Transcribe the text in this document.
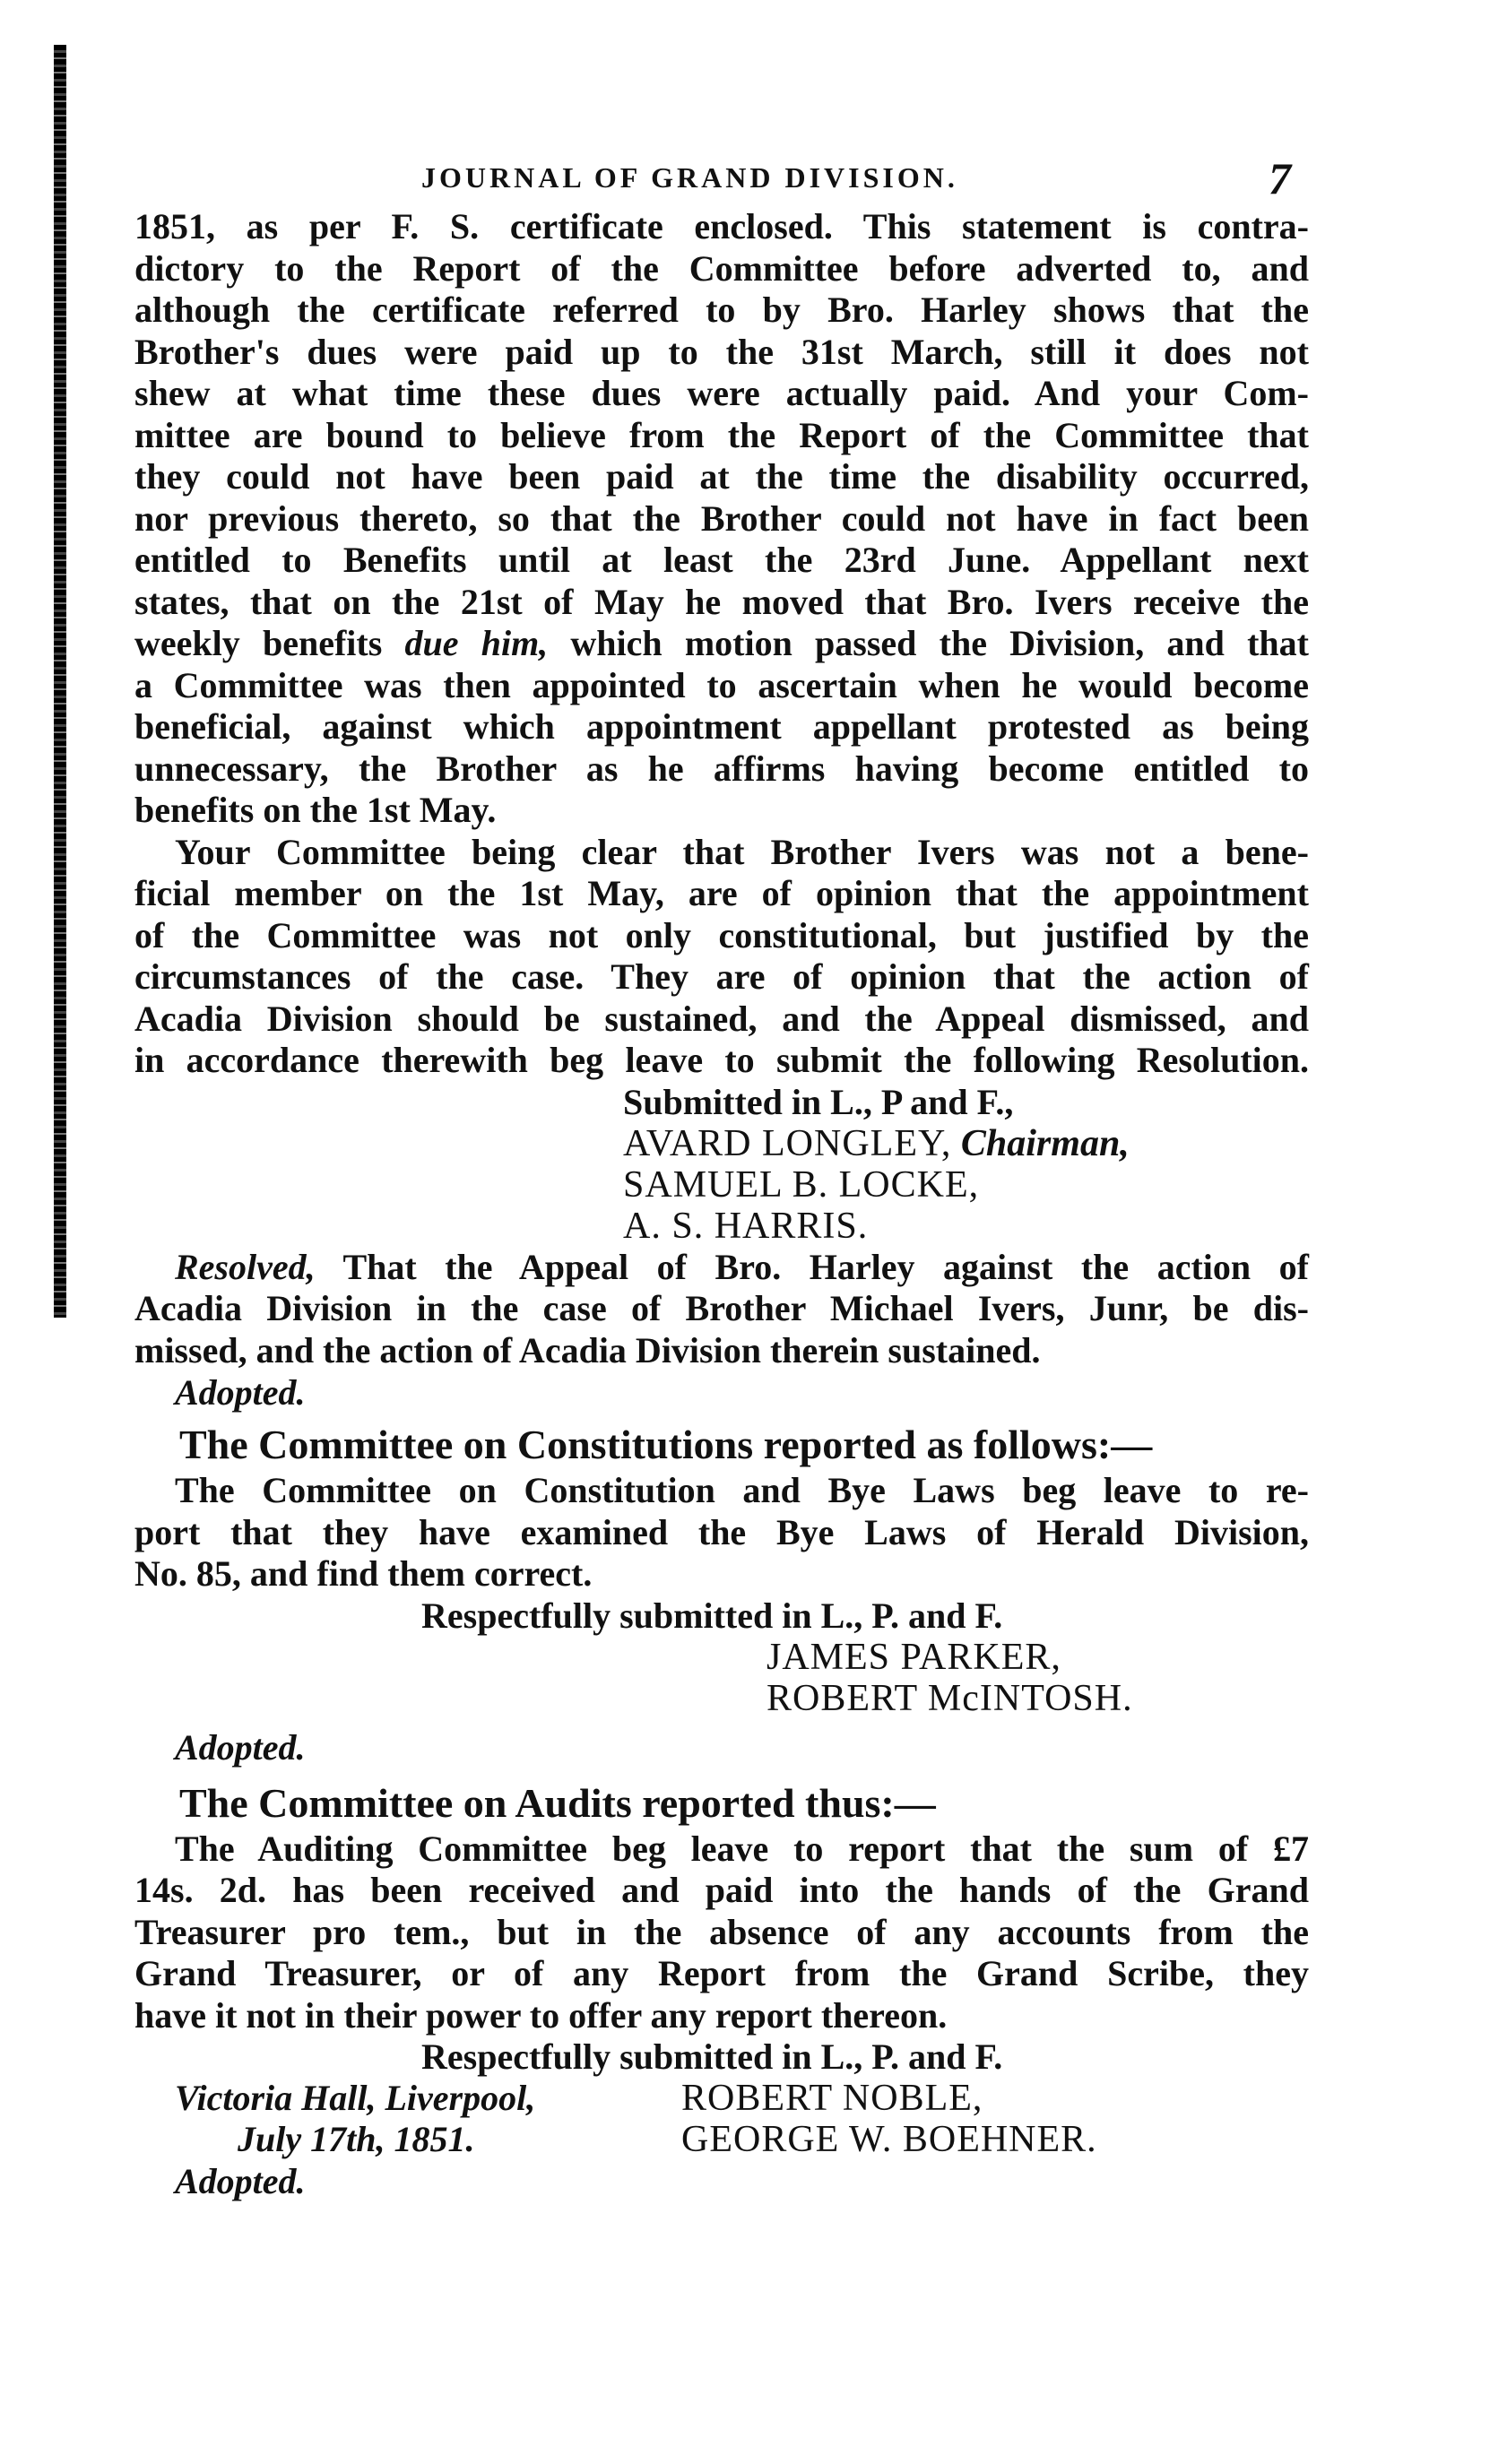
JOURNAL OF GRAND DIVISION.	7
1851, as per F. S. certificate enclosed. This statement is contra-
dictory to the Report of the Committee before adverted to, and
although the certificate referred to by Bro. Harley shows that the
Brother's dues were paid up to the 31st March, still it does not
shew at what time these dues were actually paid. And your Com-
mittee are bound to believe from the Report of the Committee that
they could not have been paid at the time the disability occurred,
nor previous thereto, so that the Brother could not have in fact been
entitled to Benefits until at least the 23rd June. Appellant next
states, that on the 21st of May he moved that Bro. Ivers receive the
weekly benefits due him, which motion passed the Division, and that
a Committee was then appointed to ascertain when he would become
beneficial, against which appointment appellant protested as being
unnecessary, the Brother as he affirms having become entitled to
benefits on the 1st May.
Your Committee being clear that Brother Ivers was not a bene-
ficial member on the 1st May, are of opinion that the appointment
of the Committee was not only constitutional, but justified by the
circumstances of the case. They are of opinion that the action of
Acadia Division should be sustained, and the Appeal dismissed, and
in accordance therewith beg leave to submit the following Resolution.
Submitted in L., P and F.,
AVARD LONGLEY, Chairman,
SAMUEL B. LOCKE,
A. S. HARRIS.
Resolved, That the Appeal of Bro. Harley against the action of
Acadia Division in the case of Brother Michael Ivers, Junr, be dis-
missed, and the action of Acadia Division therein sustained.
Adopted.
The Committee on Constitutions reported as follows:—
The Committee on Constitution and Bye Laws beg leave to re-
port that they have examined the Bye Laws of Herald Division,
No. 85, and find them correct.
Respectfully submitted in L., P. and F.
JAMES PARKER,
ROBERT McINTOSH.
Adopted.
The Committee on Audits reported thus:—
The Auditing Committee beg leave to report that the sum of £7
14s. 2d. has been received and paid into the hands of the Grand
Treasurer pro tem., but in the absence of any accounts from the
Grand Treasurer, or of any Report from the Grand Scribe, they
have it not in their power to offer any report thereon.
Respectfully submitted in L., P. and F.
Victoria Hall, Liverpool,	ROBERT NOBLE,
July 17th, 1851.	GEORGE W. BOEHNER.
Adopted.
